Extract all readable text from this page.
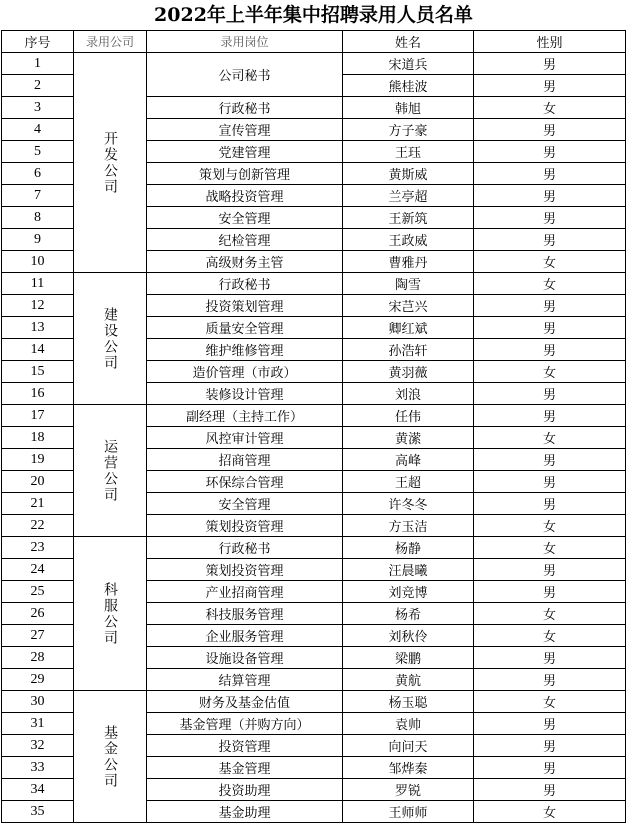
2022年上半年集中招聘录用人员名单
序号	录用公司	录用岗位	姓名	性别
1	开发公司	公司秘书	宋道兵	男
2			熊桂波	男
3		行政秘书	韩旭	女
4		宣传管理	方子豪	男
5		党建管理	王珏	男
6		策划与创新管理	黄斯威	男
7		战略投资管理	兰亭超	男
8		安全管理	王新筑	男
9		纪检管理	王政威	男
10		高级财务主管	曹雅丹	女
11	建设公司	行政秘书	陶雪	女
12		投资策划管理	宋芑兴	男
13		质量安全管理	卿红斌	男
14		维护维修管理	孙浩轩	男
15		造价管理（市政）	黄羽薇	女
16		装修设计管理	刘浪	男
17	运营公司	副经理（主持工作）	任伟	男
18		风控审计管理	黄潆	女
19		招商管理	高峰	男
20		环保综合管理	王超	男
21		安全管理	许冬冬	男
22		策划投资管理	方玉洁	女
23	科服公司	行政秘书	杨静	女
24		策划投资管理	汪晨曦	男
25		产业招商管理	刘竞博	男
26		科技服务管理	杨希	女
27		企业服务管理	刘秋伶	女
28		设施设备管理	梁鹏	男
29		结算管理	黄航	男
30	基金公司	财务及基金估值	杨玉聪	女
31		基金管理（并购方向）	袁帅	男
32		投资管理	向问天	男
33		基金管理	邹烨秦	男
34		投资助理	罗锐	男
35		基金助理	王师师	女
